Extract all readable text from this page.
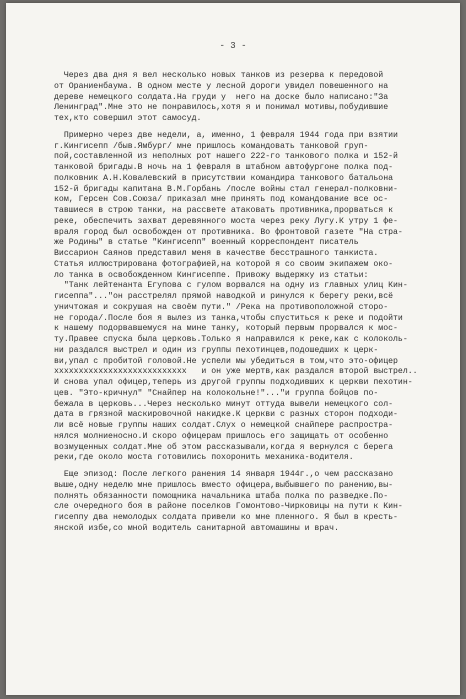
- 3 -
Через два дня я вел несколько новых танков из резерва к передовой
от Ораниенбаума. В одном месте у лесной дороги увидел повешенного на
дереве немецкого солдата.На груди у  него на доске было написано:"За
Ленинград".Мне это не понравилось,хотя я и понимал мотивы,побудившие
тех,кто совершил этот самосуд.
Примерно через две недели, а, именно, 1 февраля 1944 года при взятии
г.Кингисепп /быв.Ямбург/ мне пришлось командовать танковой груп-
пой,составленной из неполных рот нашего 222-го танкового полка и 152-й
танковой бригады.В ночь на 1 февраля в штабном автофургоне полка под-
полковник А.Н.Ковалевский в присутствии командира танкового батальона
152-й бригады капитана В.М.Горбань /после войны стал генерал-полковни-
ком, Герсен Сов.Союза/ приказал мне принять под командование все ос-
тавшиеся в строю танки, на рассвете атаковать противника,прорваться к
реке, обеспечить захват деревянного моста через реку Лугу.К утру 1 фе-
враля город был освобожден от противника. Во фронтовой газете "На стра-
же Родины" в статье "Кингисепп" военный корреспондент писатель
Виссарион Саянов представил меня в качестве бесстрашного танкиста.
Статья иллюстрирована фотографией,на которой я со своим экипажем око-
ло танка в освобожденном Кингисеппе. Привожу выдержку из статьи:
"Танк лейтенанта Егупова с гулом ворвался на одну из главных улиц Кин-
гисеппа"..."он расстрелял прямой наводкой и ринулся к берегу реки,всё
уничтожая и сокрушая на своём пути." /Река на противоположной сторо-
не города/.После боя я вылез из танка,чтобы спуститься к реке и подойти
к нашему подорвавшемуся на мине танку, который первым прорвался к мос-
ту.Правее спуска была церковь.Только я направился к реке,как с колоколь-
ни раздался выстрел и один из группы пехотинцев,подошедших к церк-
ви,упал с пробитой головой.Не успели мы убедиться в том,что это-офицер
xxxxxxxxxxxxxxxxxxxxxxxxxxx   и он уже мертв,как раздался второй выстрел..
И снова упал офицер,теперь из другой группы подходивших к церкви пехотин-
цев. "Это-кричнул" "Снайпер на колокольне!"..."и группа бойцов по-
бежала в церковь...Через несколько минут оттуда вывели немецкого сол-
дата в грязной маскировочной накидке.К церкви с разных сторон подходи-
ли всё новые группы наших солдат.Слух о немецкой снайпере распростра-
нялся молниеносно.И скоро офицерам пришлось его защищать от особенно
возмущенных солдат.Мне об этом рассказывали,когда я вернулся с берега
реки,где около моста готовились похоронить механика-водителя.
Еще эпизод: После легкого ранения 14 января 1944г.,о чем рассказано
выше,одну неделю мне пришлось вместо офицера,выбывшего по ранению,вы-
полнять обязанности помощника начальника штаба полка по разведке.По-
сле очередного боя в районе поселков Гомонтово-Чирковицы на пути к Кин-
гисеппу два немолодых солдата привели ко мне пленного. Я был в кресть-
янской избе,со мной водитель санитарной автомашины и врач.
